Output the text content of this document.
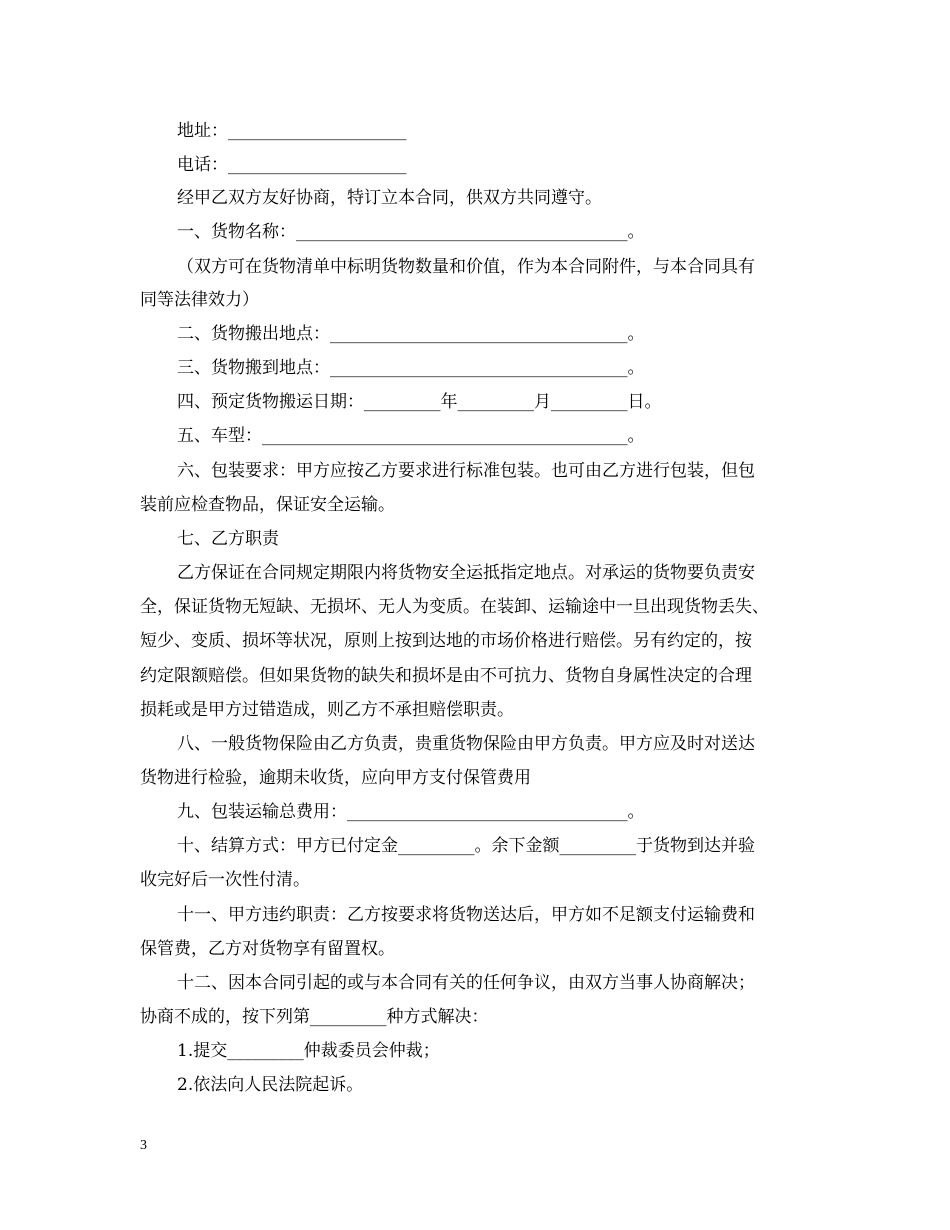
地址：_____________________
电话：_____________________
经甲乙双方友好协商，特订立本合同，供双方共同遵守。
一、货物名称：_______________________________________。
（双方可在货物清单中标明货物数量和价值，作为本合同附件，与本合同具有
同等法律效力）
二、货物搬出地点：___________________________________。
三、货物搬到地点：___________________________________。
四、预定货物搬运日期：_________年_________月_________日。
五、车型：___________________________________________。
六、包装要求：甲方应按乙方要求进行标准包装。也可由乙方进行包装，但包
装前应检查物品，保证安全运输。
七、乙方职责
乙方保证在合同规定期限内将货物安全运抵指定地点。对承运的货物要负责安
全，保证货物无短缺、无损坏、无人为变质。在装卸、运输途中一旦出现货物丢失、
短少、变质、损坏等状况，原则上按到达地的市场价格进行赔偿。另有约定的，按
约定限额赔偿。但如果货物的缺失和损坏是由不可抗力、货物自身属性决定的合理
损耗或是甲方过错造成，则乙方不承担赔偿职责。
八、一般货物保险由乙方负责，贵重货物保险由甲方负责。甲方应及时对送达
货物进行检验，逾期未收货，应向甲方支付保管费用
九、包装运输总费用：_________________________________。
十、结算方式：甲方已付定金_________。余下金额_________于货物到达并验
收完好后一次性付清。
十一、甲方违约职责：乙方按要求将货物送达后，甲方如不足额支付运输费和
保管费，乙方对货物享有留置权。
十二、因本合同引起的或与本合同有关的任何争议，由双方当事人协商解决；
协商不成的，按下列第_________种方式解决：
1.提交_________仲裁委员会仲裁；
2.依法向人民法院起诉。
3
